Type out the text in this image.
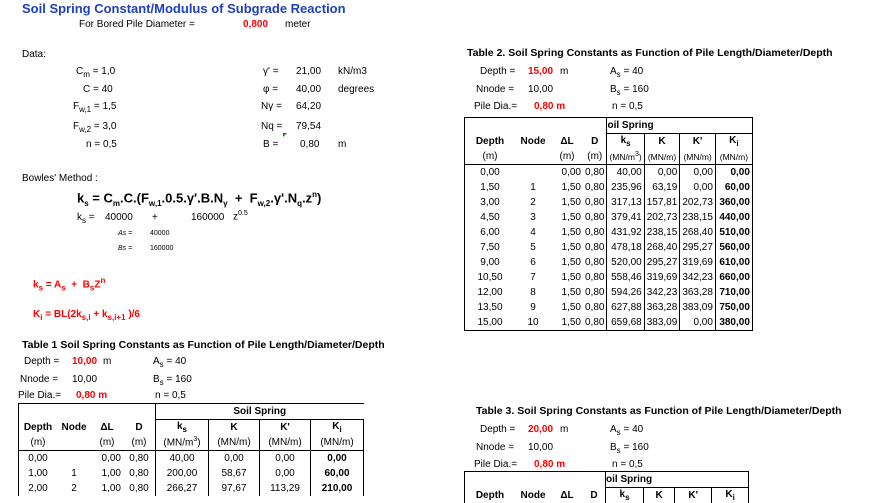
Soil Spring Constant/Modulus of Subgrade Reaction
For Bored Pile Diameter =	0,800 meter
Data:
$C_m = 1,0$
C = 40
$F_{w,1} = 1,5$
$F_{w,2} = 3,0$
n = 0,5
γ' = 21,00 kN/m3
φ = 40,00 degrees
Nγ = 64,20
Nq = 79,54
B = 0,80 m
Bowles' Method :
$k_s = C_m.C.(F_{w,1}.0.5.\gamma'.B.N_\gamma + F_{w,2}.\gamma'.N_q.z^n)$
$k_s = 40000$ +	160000 $z^{0.5}$
As =	40000
Bs =	160000
$k_s = A_s + B_sZ^n$
$K_i = BL(2k_{s,i} + k_{s,i+1}$ )/6
Table 1 Soil Spring Constants as Function of Pile Length/Diameter/Depth
Depth = 10,00 m
Nnode = 10,00
Pile Dia.= 0,80 m
$A_s = 40$
$B_s = 160$
n = 0,5
				Soil Spring			
Depth	Node	ΔL	D	$k_s$	K	K'	$K_i$
(m)		(m)	(m)	$(MN/m^3)$	(MN/m)	(MN/m)	(MN/m)
0,00		0,00	0,80	40,00	0,00	0,00	0,00
1,00	1	1,00	0,80	200,00	58,67	0,00	60,00
2,00	2	1,00	0,80	266,27	97,67	113,29	210,00
Table 2. Soil Spring Constants as Function of Pile Length/Diameter/Depth
Depth = 15,00 m
Nnode = 10,00
Pile Dia.= 0,80 m
$A_s = 40$
$B_s = 160$
n = 0,5
				oil Spring			
Depth	Node	ΔL	D	$k_s$	K	K'	$K_i$
(m)		(m)	(m)	$(MN/m^3)$	(MN/m)	(MN/m)	(MN/m)
0,00		0,00	0,80	40,00	0,00	0,00	0,00
1,50	1	1,50	0,80	235,96	63,19	0,00	60,00
3,00	2	1,50	0,80	317,13	157,81	202,73	360,00
4,50	3	1,50	0,80	379,41	202,73	238,15	440,00
6,00	4	1,50	0,80	431,92	238,15	268,40	510,00
7,50	5	1,50	0,80	478,18	268,40	295,27	560,00
9,00	6	1,50	0,80	520,00	295,27	319,69	610,00
10,50	7	1,50	0,80	558,46	319,69	342,23	660,00
12,00	8	1,50	0,80	594,26	342,23	363,28	710,00
13,50	9	1,50	0,80	627,88	363,28	383,09	750,00
15,00	10	1,50	0,80	659,68	383,09	0,00	380,00
Table 3. Soil Spring Constants as Function of Pile Length/Diameter/Depth
Depth = 20,00 m
Nnode = 10,00
Pile Dia.= 0,80 m
$A_s = 40$
$B_s = 160$
n = 0,5
				oil Spring			
Depth	Node	ΔL	D	$k_s$	K	K'	$K_i$
